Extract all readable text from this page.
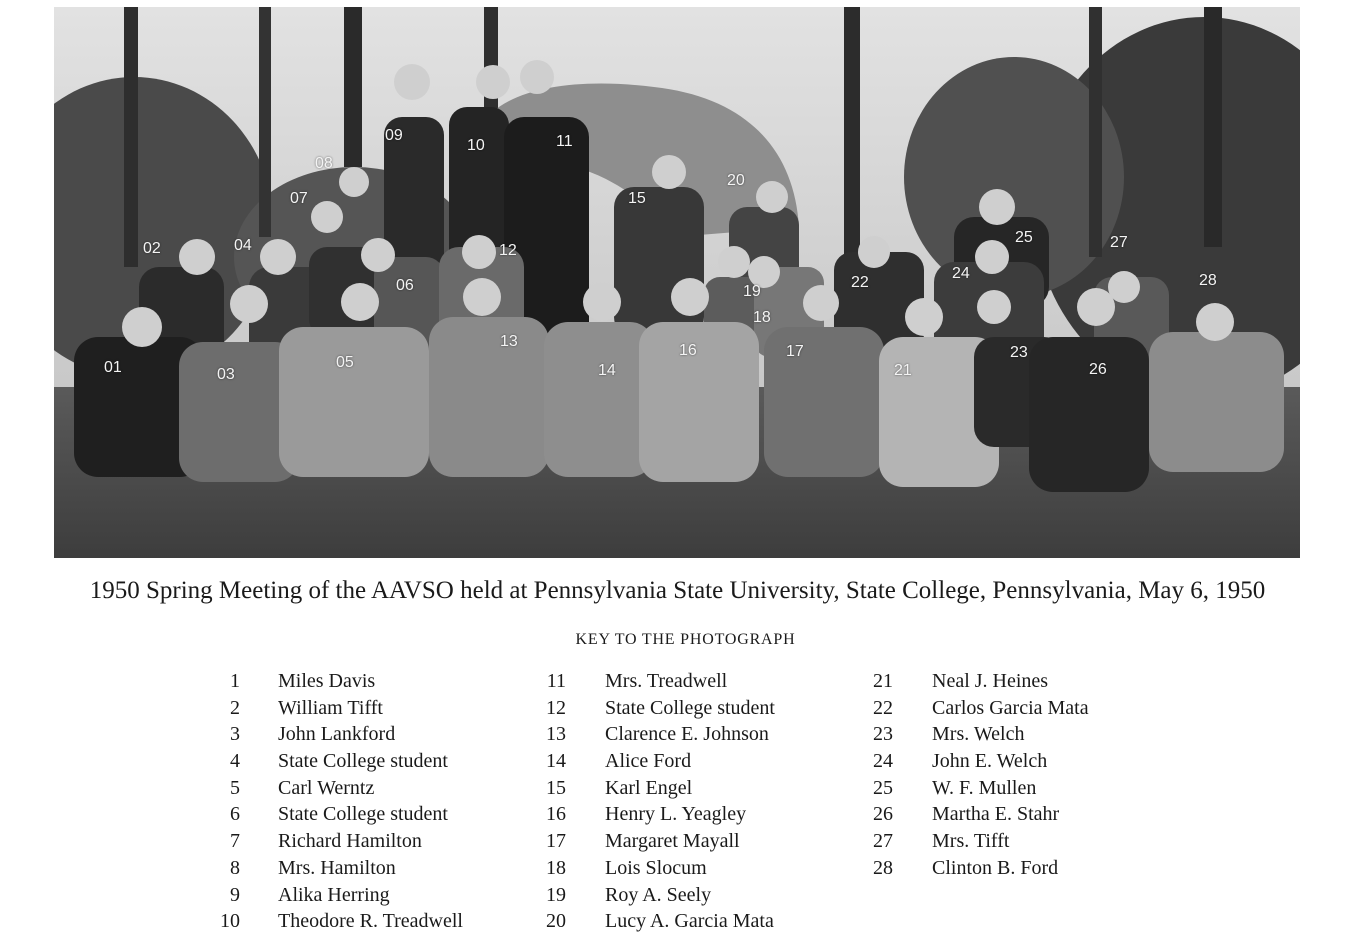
01
02
03
04
05
06
07
08
09
10	11
12
13
14
15
16	17
18
19
20
21
22
23
24
25
26
27
28
1950 Spring Meeting of the AAVSO held at Pennsylvania State University, State College, Pennsylvania, May 6, 1950
KEY TO THE PHOTOGRAPH
1 Miles Davis
2 William Tifft
3 John Lankford
4 State College student
5 Carl Werntz
6 State College student
7 Richard Hamilton
8 Mrs. Hamilton
9 Alika Herring
10 Theodore R. Treadwell
11 Mrs. Treadwell
12 State College student
13 Clarence E. Johnson
14 Alice Ford
15 Karl Engel
16 Henry L. Yeagley
17 Margaret Mayall
18 Lois Slocum
19 Roy A. Seely
20 Lucy A. Garcia Mata
21 Neal J. Heines
22 Carlos Garcia Mata
23 Mrs. Welch
24 John E. Welch
25 W. F. Mullen
26 Martha E. Stahr
27 Mrs. Tifft
28 Clinton B. Ford
